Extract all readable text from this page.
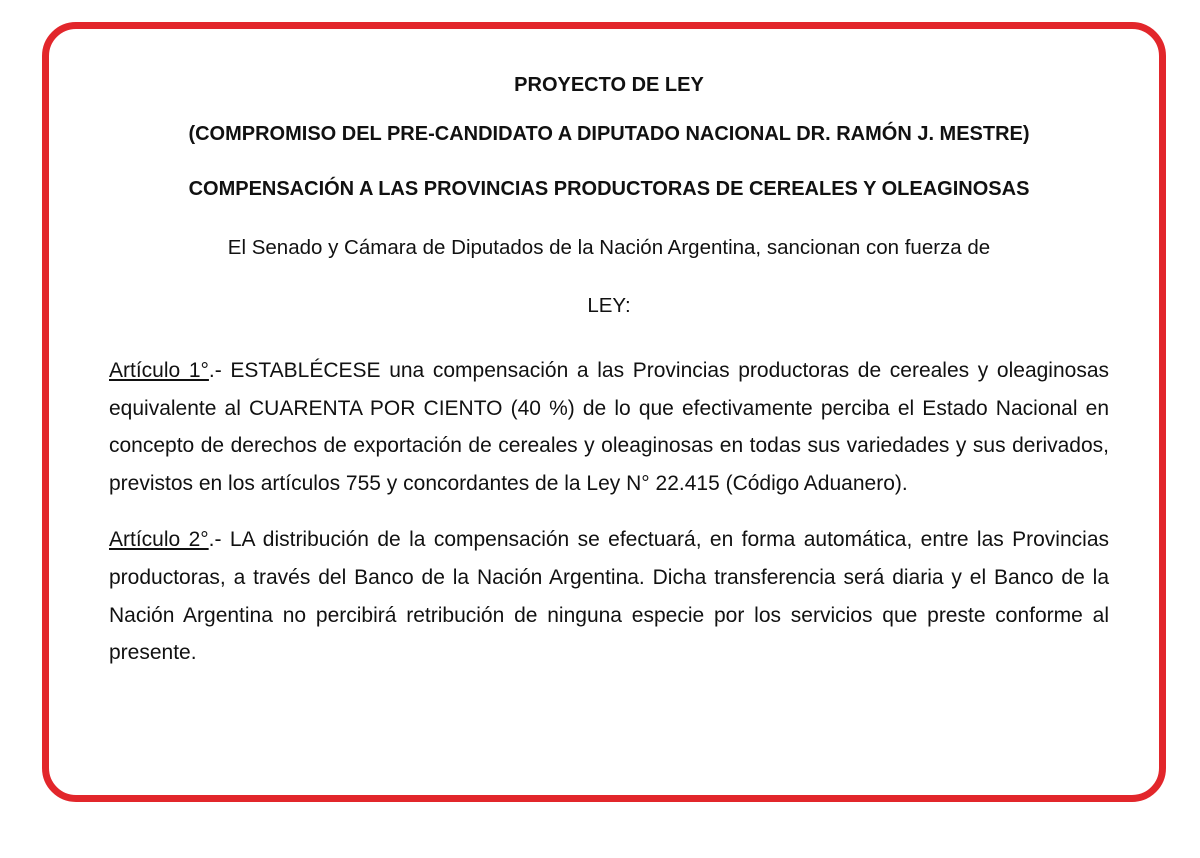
PROYECTO DE LEY

(COMPROMISO DEL PRE-CANDIDATO A DIPUTADO NACIONAL DR. RAMÓN J. MESTRE)

COMPENSACIÓN A LAS PROVINCIAS PRODUCTORAS DE CEREALES Y OLEAGINOSAS

El Senado y Cámara de Diputados de la Nación Argentina, sancionan con fuerza de

LEY:

Artículo 1°.- ESTABLÉCESE una compensación a las Provincias productoras de cereales y oleaginosas equivalente al CUARENTA POR CIENTO (40 %) de lo que efectivamente perciba el Estado Nacional en concepto de derechos de exportación de cereales y oleaginosas en todas sus variedades y sus derivados, previstos en los artículos 755 y concordantes de la Ley N° 22.415 (Código Aduanero).

Artículo 2°.- LA distribución de la compensación se efectuará, en forma automática, entre las Provincias productoras, a través del Banco de la Nación Argentina. Dicha transferencia será diaria y el Banco de la Nación Argentina no percibirá retribución de ninguna especie por los servicios que preste conforme al presente.
